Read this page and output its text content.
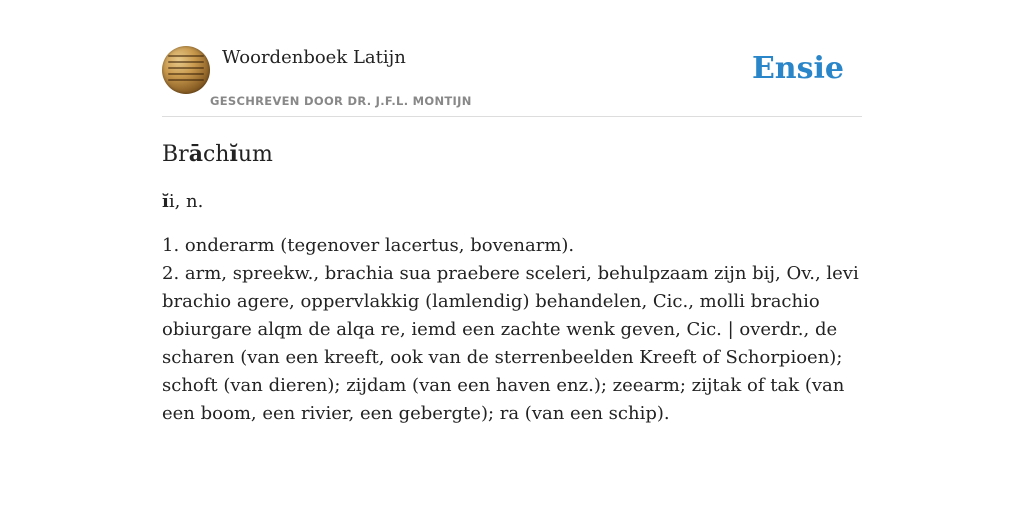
Woordenboek Latijn
GESCHREVEN DOOR DR. J.F.L. MONTIJN
Ensie
Brāchĭum
ĭi, n.

1. onderarm (tegenover lacertus, bovenarm).

2. arm, spreekw., brachia sua praebere sceleri, behulpzaam zijn bij, Ov., levi brachio agere, oppervlakkig (lamlendig) behandelen, Cic., molli brachio obiurgare alqm de alqa re, iemd een zachte wenk geven, Cic. | overdr., de scharen (van een kreeft, ook van de sterrenbeelden Kreeft of Schorpioen); schoft (van dieren); zijdam (van een haven enz.); zeearm; zijtak of tak (van een boom, een rivier, een gebergte); ra (van een schip).
